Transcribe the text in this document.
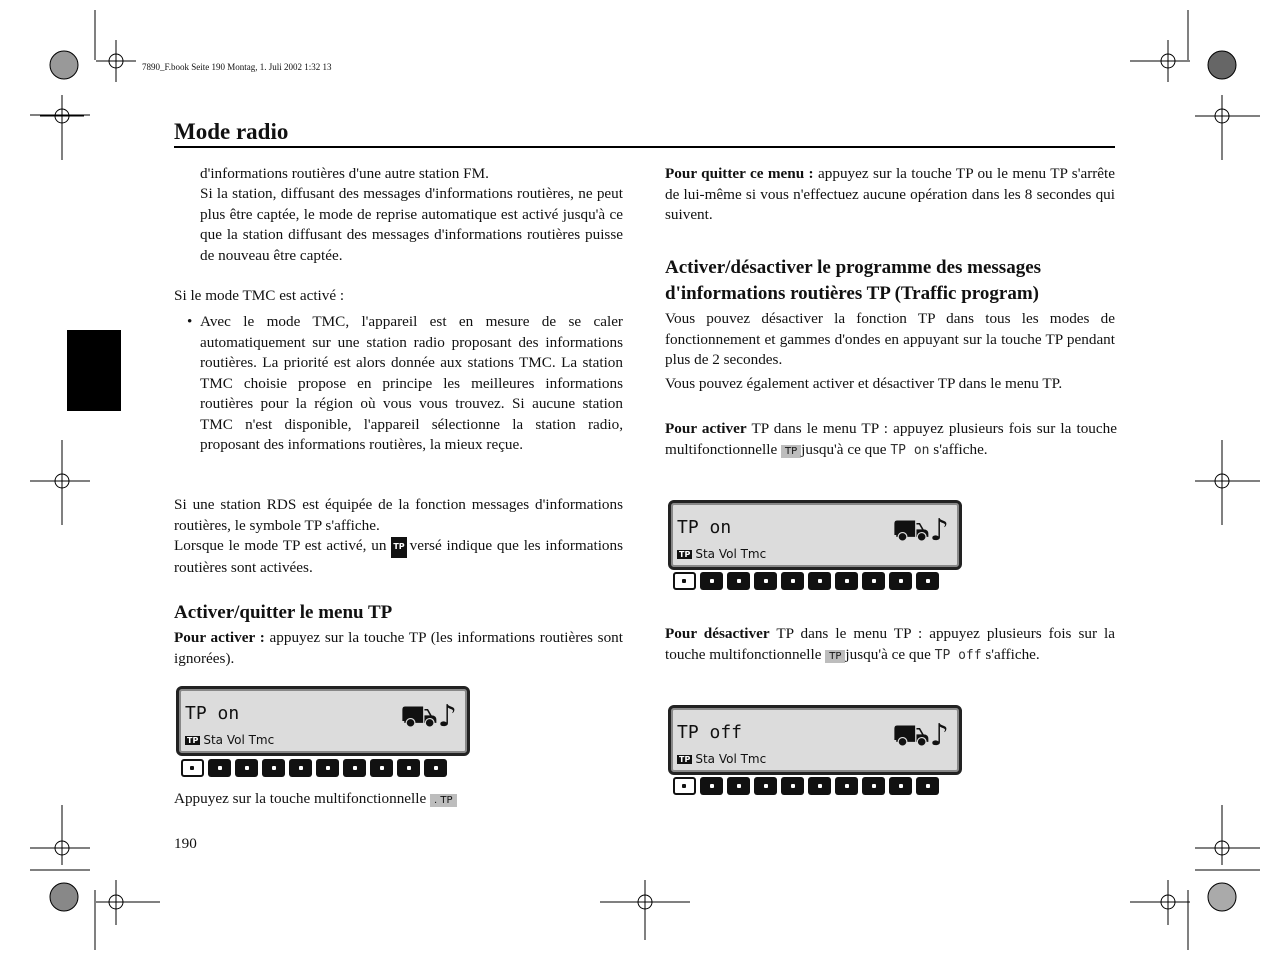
7890_F.book Seite 190 Montag, 1. Juli 2002 1:32 13
Mode radio
d'informations routières d'une autre station FM.
Si la station, diffusant des messages d'informations routières, ne peut plus être captée, le mode de reprise automatique est activé jusqu'à ce que la station diffusant des messages d'informations routières puisse de nouveau être captée.
Si le mode TMC est activé :
• Avec le mode TMC, l'appareil est en mesure de se caler automatiquement sur une station radio proposant des informations routières. La priorité est alors donnée aux stations TMC. La station TMC choisie propose en principe les meilleures informations routières pour la région où vous vous trouvez. Si aucune station TMC n'est disponible, l'appareil sélectionne la station radio, proposant des informations routières, la mieux reçue.
Si une station RDS est équipée de la fonction messages d'informations routières, le symbole TP s'affiche.
Lorsque le mode TP est activé, un TP versé indique que les informations routières sont activées.
Activer/quitter le menu TP
Pour activer : appuyez sur la touche TP (les informations routières sont ignorées).
TP on
TP Sta Vol Tmc
⛟♪
Appuyez sur la touche multifonctionnelle . TP
190
Pour quitter ce menu : appuyez sur la touche TP ou le menu TP s'arrête de lui-même si vous n'effectuez aucune opération dans les 8 secondes qui suivent.
Activer/désactiver le programme des messages d'informations routières TP (Traffic program)
Vous pouvez désactiver la fonction TP dans tous les modes de fonctionnement et gammes d'ondes en appuyant sur la touche TP pendant plus de 2 secondes.
Vous pouvez également activer et désactiver TP dans le menu TP.
Pour activer TP dans le menu TP : appuyez plusieurs fois sur la touche multifonctionnelle TP jusqu'à ce que TP on s'affiche.
TP on
TP Sta Vol Tmc
⛟♪
Pour désactiver TP dans le menu TP : appuyez plusieurs fois sur la touche multifonctionnelle TP jusqu'à ce que TP off s'affiche.
TP off
TP Sta Vol Tmc
⛟♪
